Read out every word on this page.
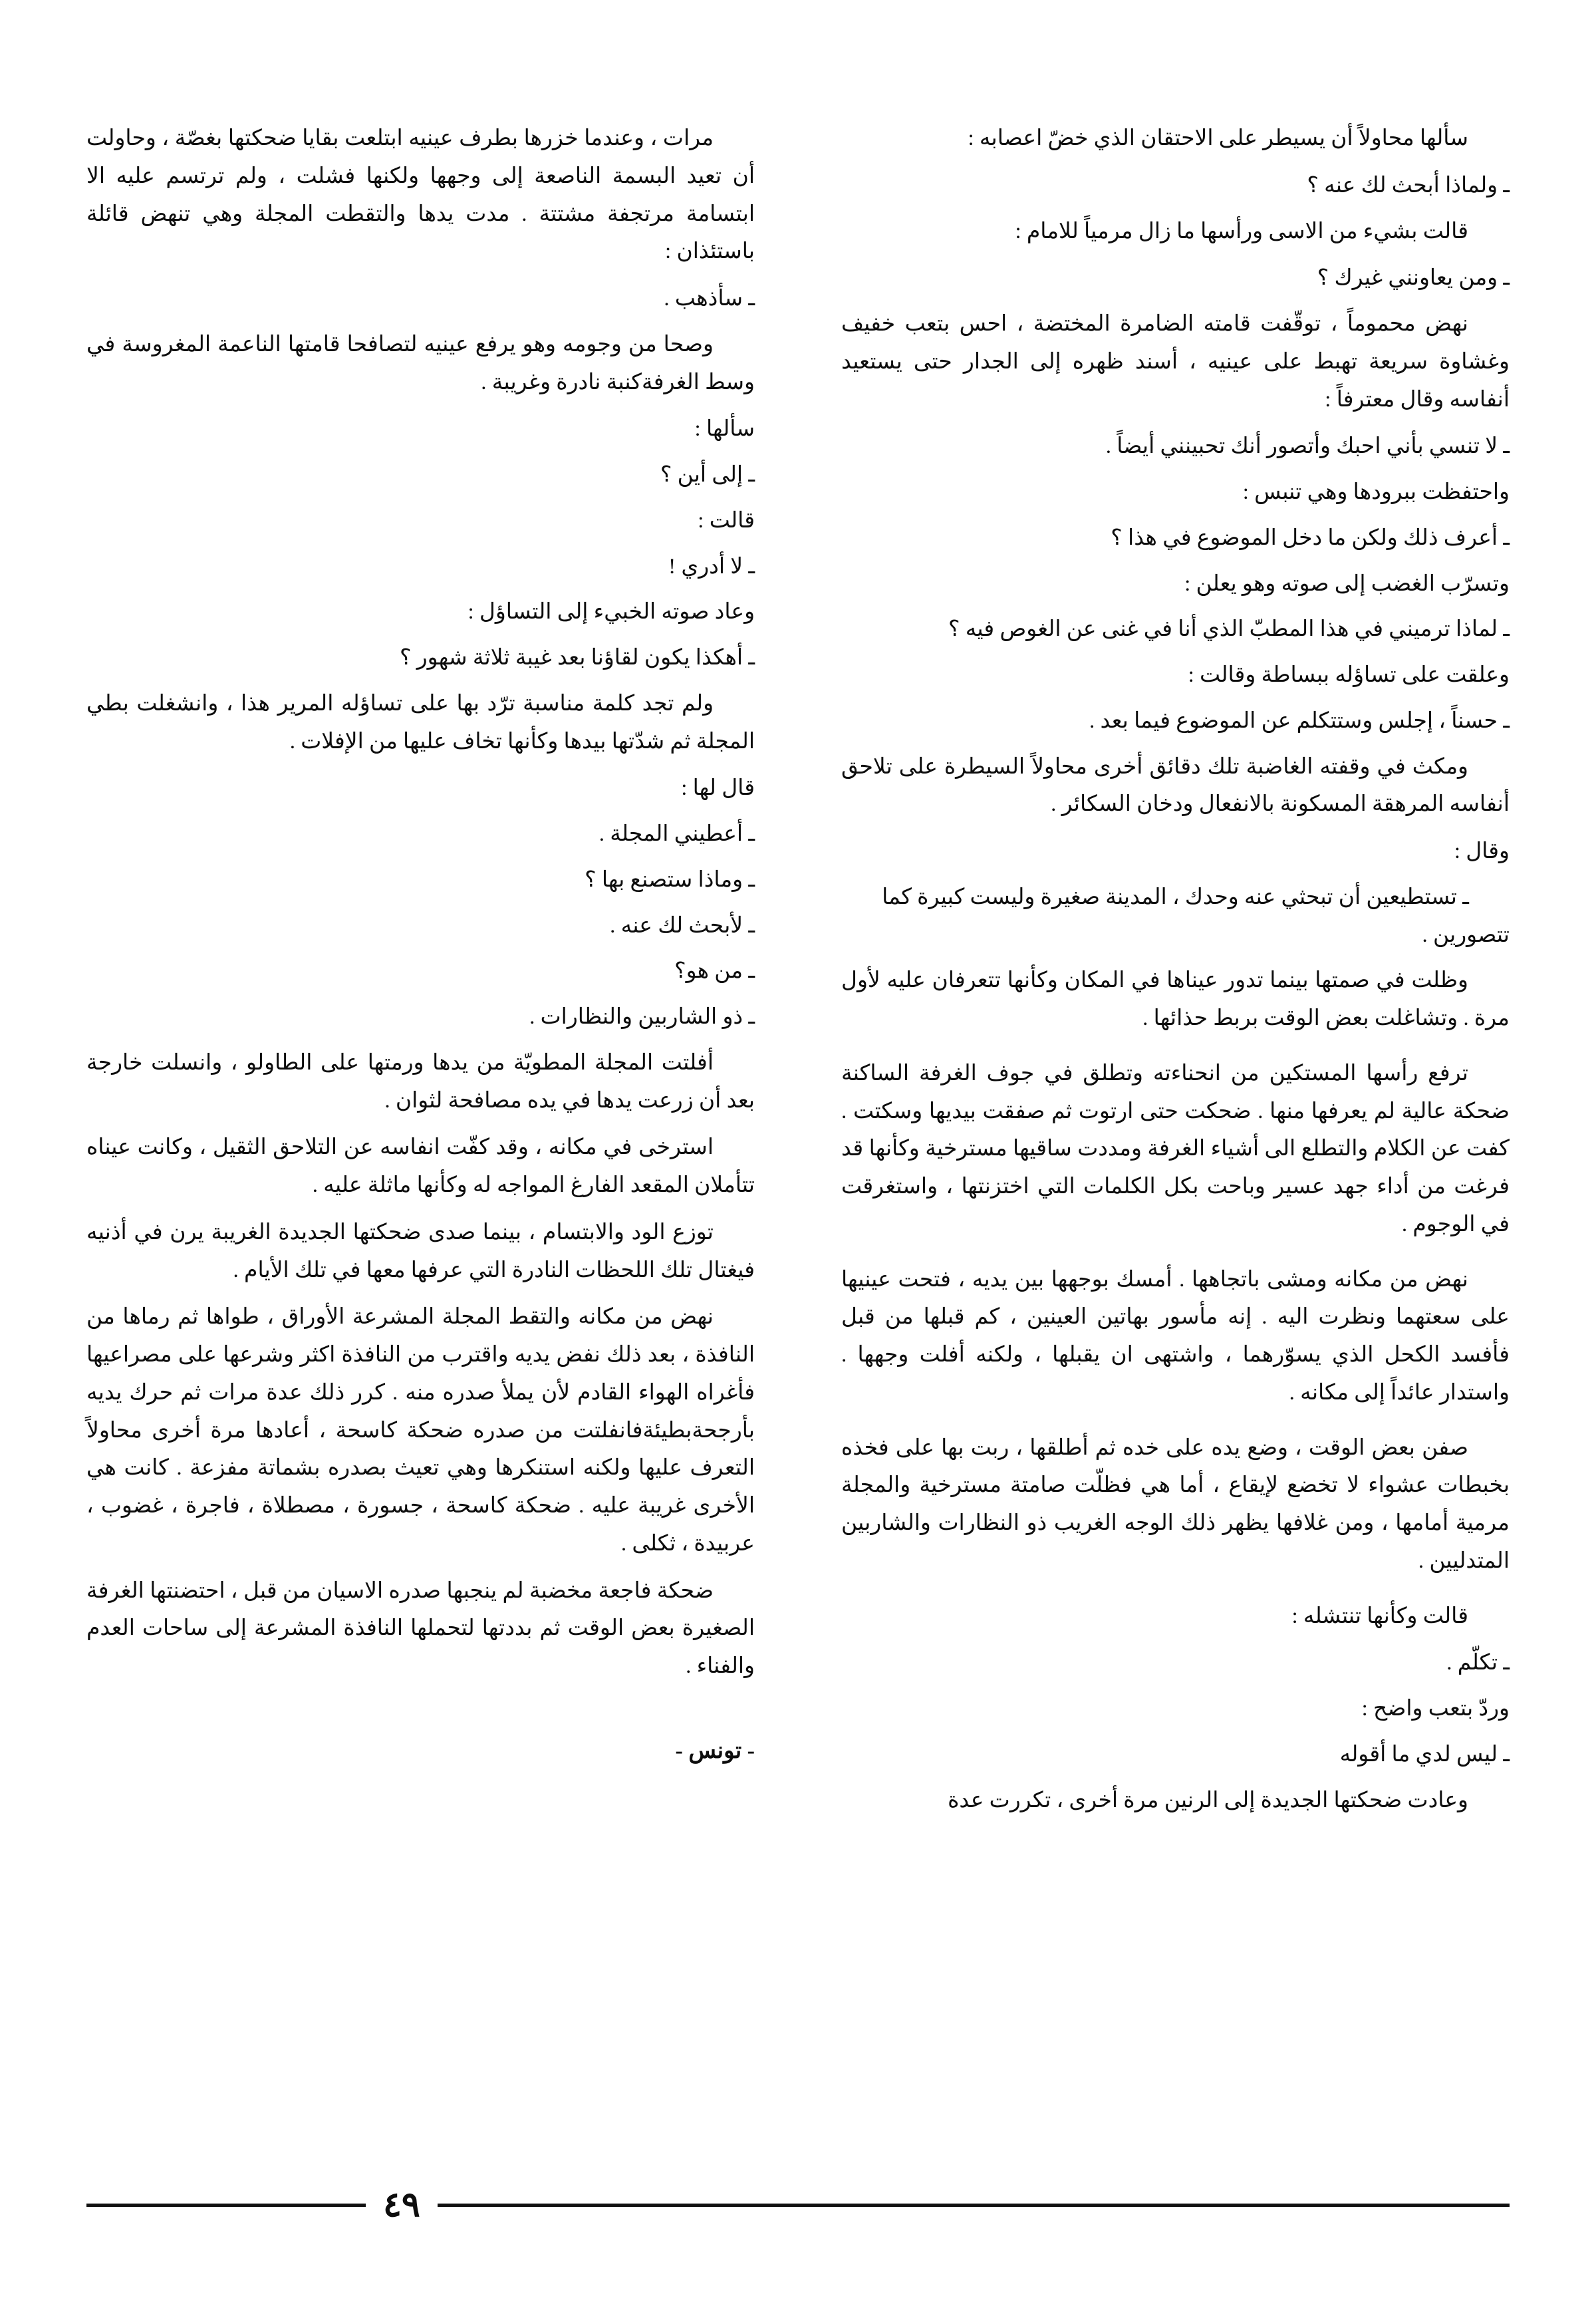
سألها محاولاً أن يسيطر على الاحتقان الذي خضّ اعصابه :

ـ ولماذا أبحث لك عنه ؟

قالت بشيء من الاسى ورأسها ما زال مرمياً للامام :

ـ ومن يعاونني غيرك ؟

نهض محموماً ، توقّفت قامته الضامرة المختضة ، احس بتعب خفيف وغشاوة سريعة تهبط على عينيه ، أسند ظهره إلى الجدار حتى يستعيد أنفاسه وقال معترفاً :

ـ لا تنسي بأني احبك وأتصور أنك تحبينني أيضاً .

واحتفظت ببرودها وهي تنبس :

ـ أعرف ذلك ولكن ما دخل الموضوع في هذا ؟

وتسرّب الغضب إلى صوته وهو يعلن :

ـ لماذا ترميني في هذا المطبّ الذي أنا في غنى عن الغوص فيه ؟

وعلقت على تساؤله ببساطة وقالت :

ـ حسناً ، إجلس وستتكلم عن الموضوع فيما بعد .

ومكث في وقفته الغاضبة تلك دقائق أخرى محاولاً السيطرة على تلاحق أنفاسه المرهقة المسكونة بالانفعال ودخان السكائر .

وقال :

ـ تستطيعين أن تبحثي عنه وحدك ، المدينة صغيرة وليست كبيرة كما تتصورين .

وظلت في صمتها بينما تدور عيناها في المكان وكأنها تتعرفان عليه لأول مرة . وتشاغلت بعض الوقت بربط حذائها .

ترفع رأسها المستكين من انحناءته وتطلق في جوف الغرفة الساكنة ضحكة عالية لم يعرفها منها . ضحكت حتى ارتوت ثم صفقت بيديها وسكتت . كفت عن الكلام والتطلع الى أشياء الغرفة ومددت ساقيها مسترخية وكأنها قد فرغت من أداء جهد عسير وباحت بكل الكلمات التي اختزنتها ، واستغرقت في الوجوم .

نهض من مكانه ومشى باتجاهها . أمسك بوجهها بين يديه ، فتحت عينيها على سعتهما ونظرت اليه . إنه مأسور بهاتين العينين ، كم قبلها من قبل فأفسد الكحل الذي يسوّرهما ، واشتهى ان يقبلها ، ولكنه أفلت وجهها . واستدار عائداً إلى مكانه .

صفن بعض الوقت ، وضع يده على خده ثم أطلقها ، ربت بها على فخذه بخبطات عشواء لا تخضع لإيقاع ، أما هي فظلّت صامتة مسترخية والمجلة مرمية أمامها ، ومن غلافها يظهر ذلك الوجه الغريب ذو النظارات والشاربين المتدليين .

قالت وكأنها تنتشله :

ـ تكلّم .

وردّ بتعب واضح :

ـ ليس لدي ما أقوله

وعادت ضحكتها الجديدة إلى الرنين مرة أخرى ، تكررت عدة

مرات ، وعندما خزرها بطرف عينيه ابتلعت بقايا ضحكتها بغصّة ، وحاولت أن تعيد البسمة الناصعة إلى وجهها ولكنها فشلت ، ولم ترتسم عليه الا ابتسامة مرتجفة مشتتة . مدت يدها والتقطت المجلة وهي تنهض قائلة باستئذان :

ـ سأذهب .

وصحا من وجومه وهو يرفع عينيه لتصافحا قامتها الناعمة المغروسة في وسط الغرفةكنبة نادرة وغريبة .

سألها :

ـ إلى أين ؟

قالت :

ـ لا أدري !

وعاد صوته الخبيء إلى التساؤل :

ـ أهكذا يكون لقاؤنا بعد غيبة ثلاثة شهور ؟

ولم تجد كلمة مناسبة ترّد بها على تساؤله المرير هذا ، وانشغلت بطي المجلة ثم شدّتها بيدها وكأنها تخاف عليها من الإفلات .

قال لها :

ـ أعطيني المجلة .

ـ وماذا ستصنع بها ؟

ـ لأبحث لك عنه .

ـ من هو؟

ـ ذو الشاربين والنظارات .

أفلتت المجلة المطويّة من يدها ورمتها على الطاولو ، وانسلت خارجة بعد أن زرعت يدها في يده مصافحة لثوان .

استرخى في مكانه ، وقد كفّت انفاسه عن التلاحق الثقيل ، وكانت عيناه تتأملان المقعد الفارغ المواجه له وكأنها ماثلة عليه .

توزع الود والابتسام ، بينما صدى ضحكتها الجديدة الغريبة يرن في أذنيه فيغتال تلك اللحظات النادرة التي عرفها معها في تلك الأيام .

نهض من مكانه والتقط المجلة المشرعة الأوراق ، طواها ثم رماها من النافذة ، بعد ذلك نفض يديه واقترب من النافذة اكثر وشرعها على مصراعيها فأغراه الهواء القادم لأن يملأ صدره منه . كرر ذلك عدة مرات ثم حرك يديه بأرجحةبطيئةفانفلتت من صدره ضحكة كاسحة ، أعادها مرة أخرى محاولاً التعرف عليها ولكنه استنكرها وهي تعيث بصدره بشماتة مفزعة . كانت هي الأخرى غريبة عليه . ضحكة كاسحة ، جسورة ، مصطلاة ، فاجرة ، غضوب ، عربيدة ، ثكلى .

ضحكة فاجعة مخضبة لم ينجبها صدره الاسيان من قبل ، احتضنتها الغرفة الصغيرة بعض الوقت ثم بددتها لتحملها النافذة المشرعة إلى ساحات العدم والفناء .

- تونس -
٤٩
